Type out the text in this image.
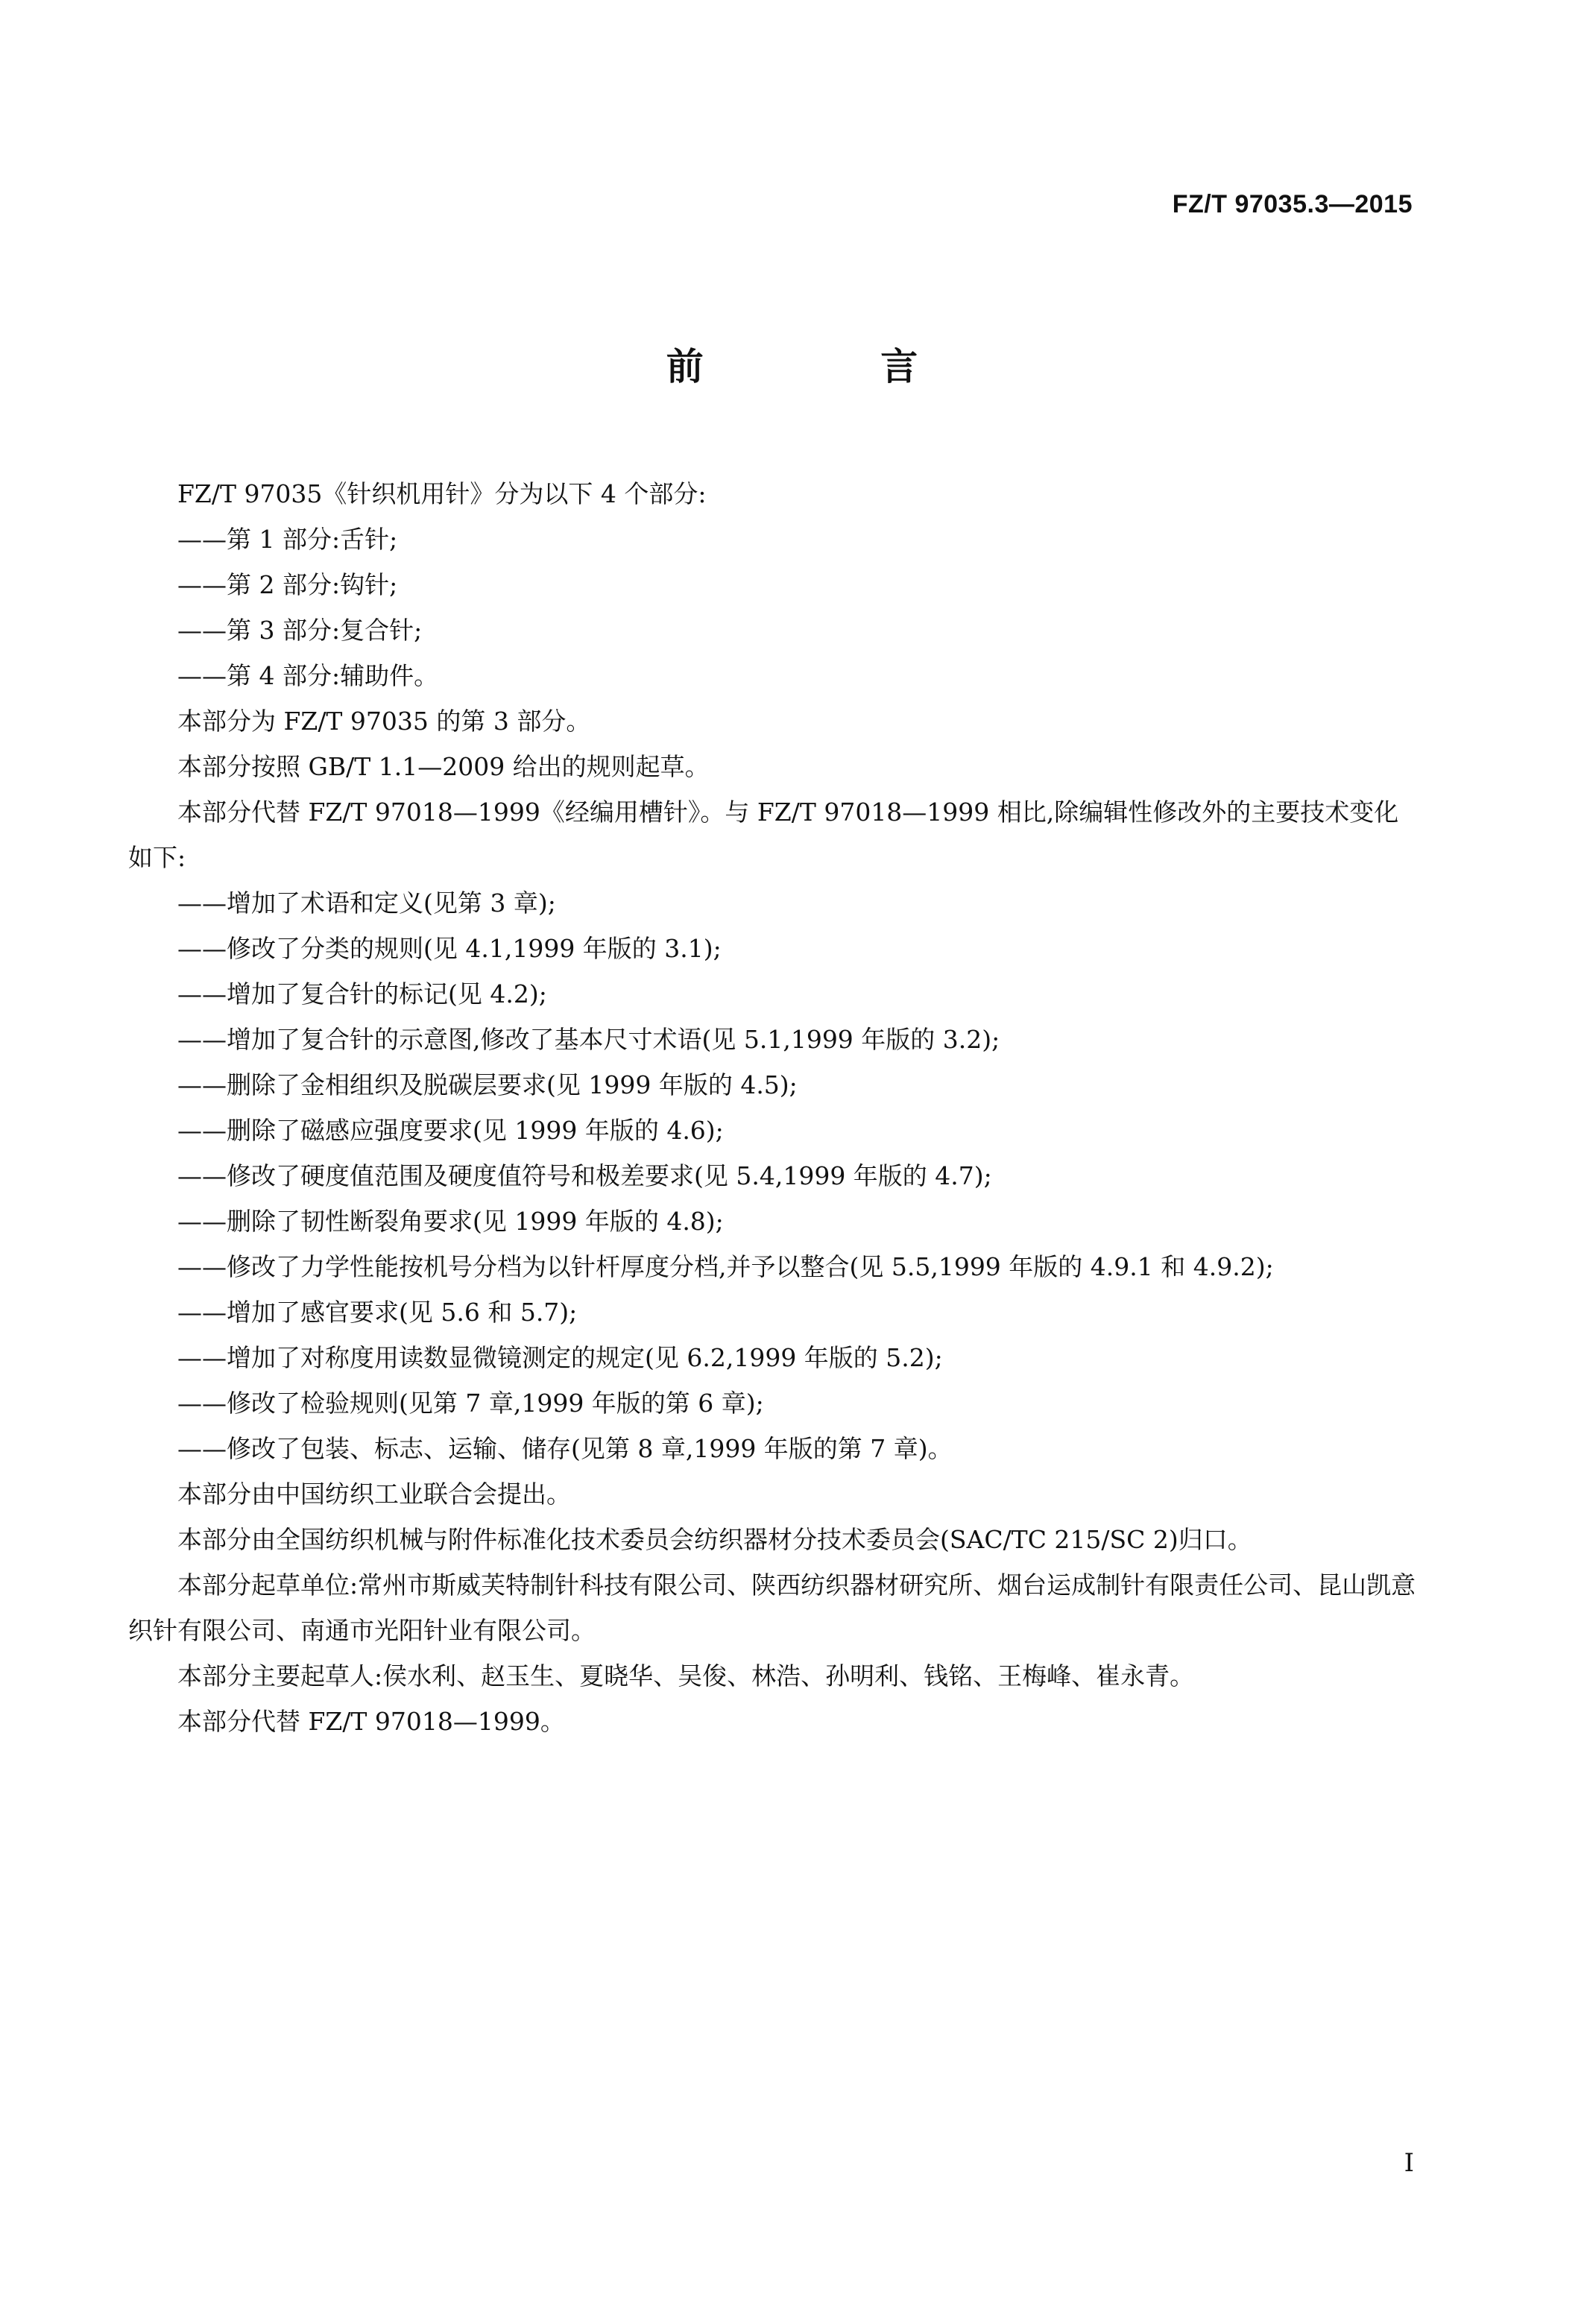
FZ/T 97035.3—2015
前 言

FZ/T 97035《针织机用针》分为以下 4 个部分:

——第 1 部分:舌针;

——第 2 部分:钩针;

——第 3 部分:复合针;

——第 4 部分:辅助件。

本部分为 FZ/T 97035 的第 3 部分。

本部分按照 GB/T 1.1—2009 给出的规则起草。

本部分代替 FZ/T 97018—1999《经编用槽针》。与 FZ/T 97018—1999 相比,除编辑性修改外的主要技术变化如下:

——增加了术语和定义(见第 3 章);

——修改了分类的规则(见 4.1,1999 年版的 3.1);

——增加了复合针的标记(见 4.2);

——增加了复合针的示意图,修改了基本尺寸术语(见 5.1,1999 年版的 3.2);

——删除了金相组织及脱碳层要求(见 1999 年版的 4.5);

——删除了磁感应强度要求(见 1999 年版的 4.6);

——修改了硬度值范围及硬度值符号和极差要求(见 5.4,1999 年版的 4.7);

——删除了韧性断裂角要求(见 1999 年版的 4.8);

——修改了力学性能按机号分档为以针杆厚度分档,并予以整合(见 5.5,1999 年版的 4.9.1 和 4.9.2);

——增加了感官要求(见 5.6 和 5.7);

——增加了对称度用读数显微镜测定的规定(见 6.2,1999 年版的 5.2);

——修改了检验规则(见第 7 章,1999 年版的第 6 章);

——修改了包装、标志、运输、储存(见第 8 章,1999 年版的第 7 章)。

本部分由中国纺织工业联合会提出。

本部分由全国纺织机械与附件标准化技术委员会纺织器材分技术委员会(SAC/TC 215/SC 2)归口。

本部分起草单位:常州市斯威芙特制针科技有限公司、陕西纺织器材研究所、烟台运成制针有限责任公司、昆山凯意织针有限公司、南通市光阳针业有限公司。

本部分主要起草人:侯水利、赵玉生、夏晓华、吴俊、林浩、孙明利、钱铭、王梅峰、崔永青。

本部分代替 FZ/T 97018—1999。

I
